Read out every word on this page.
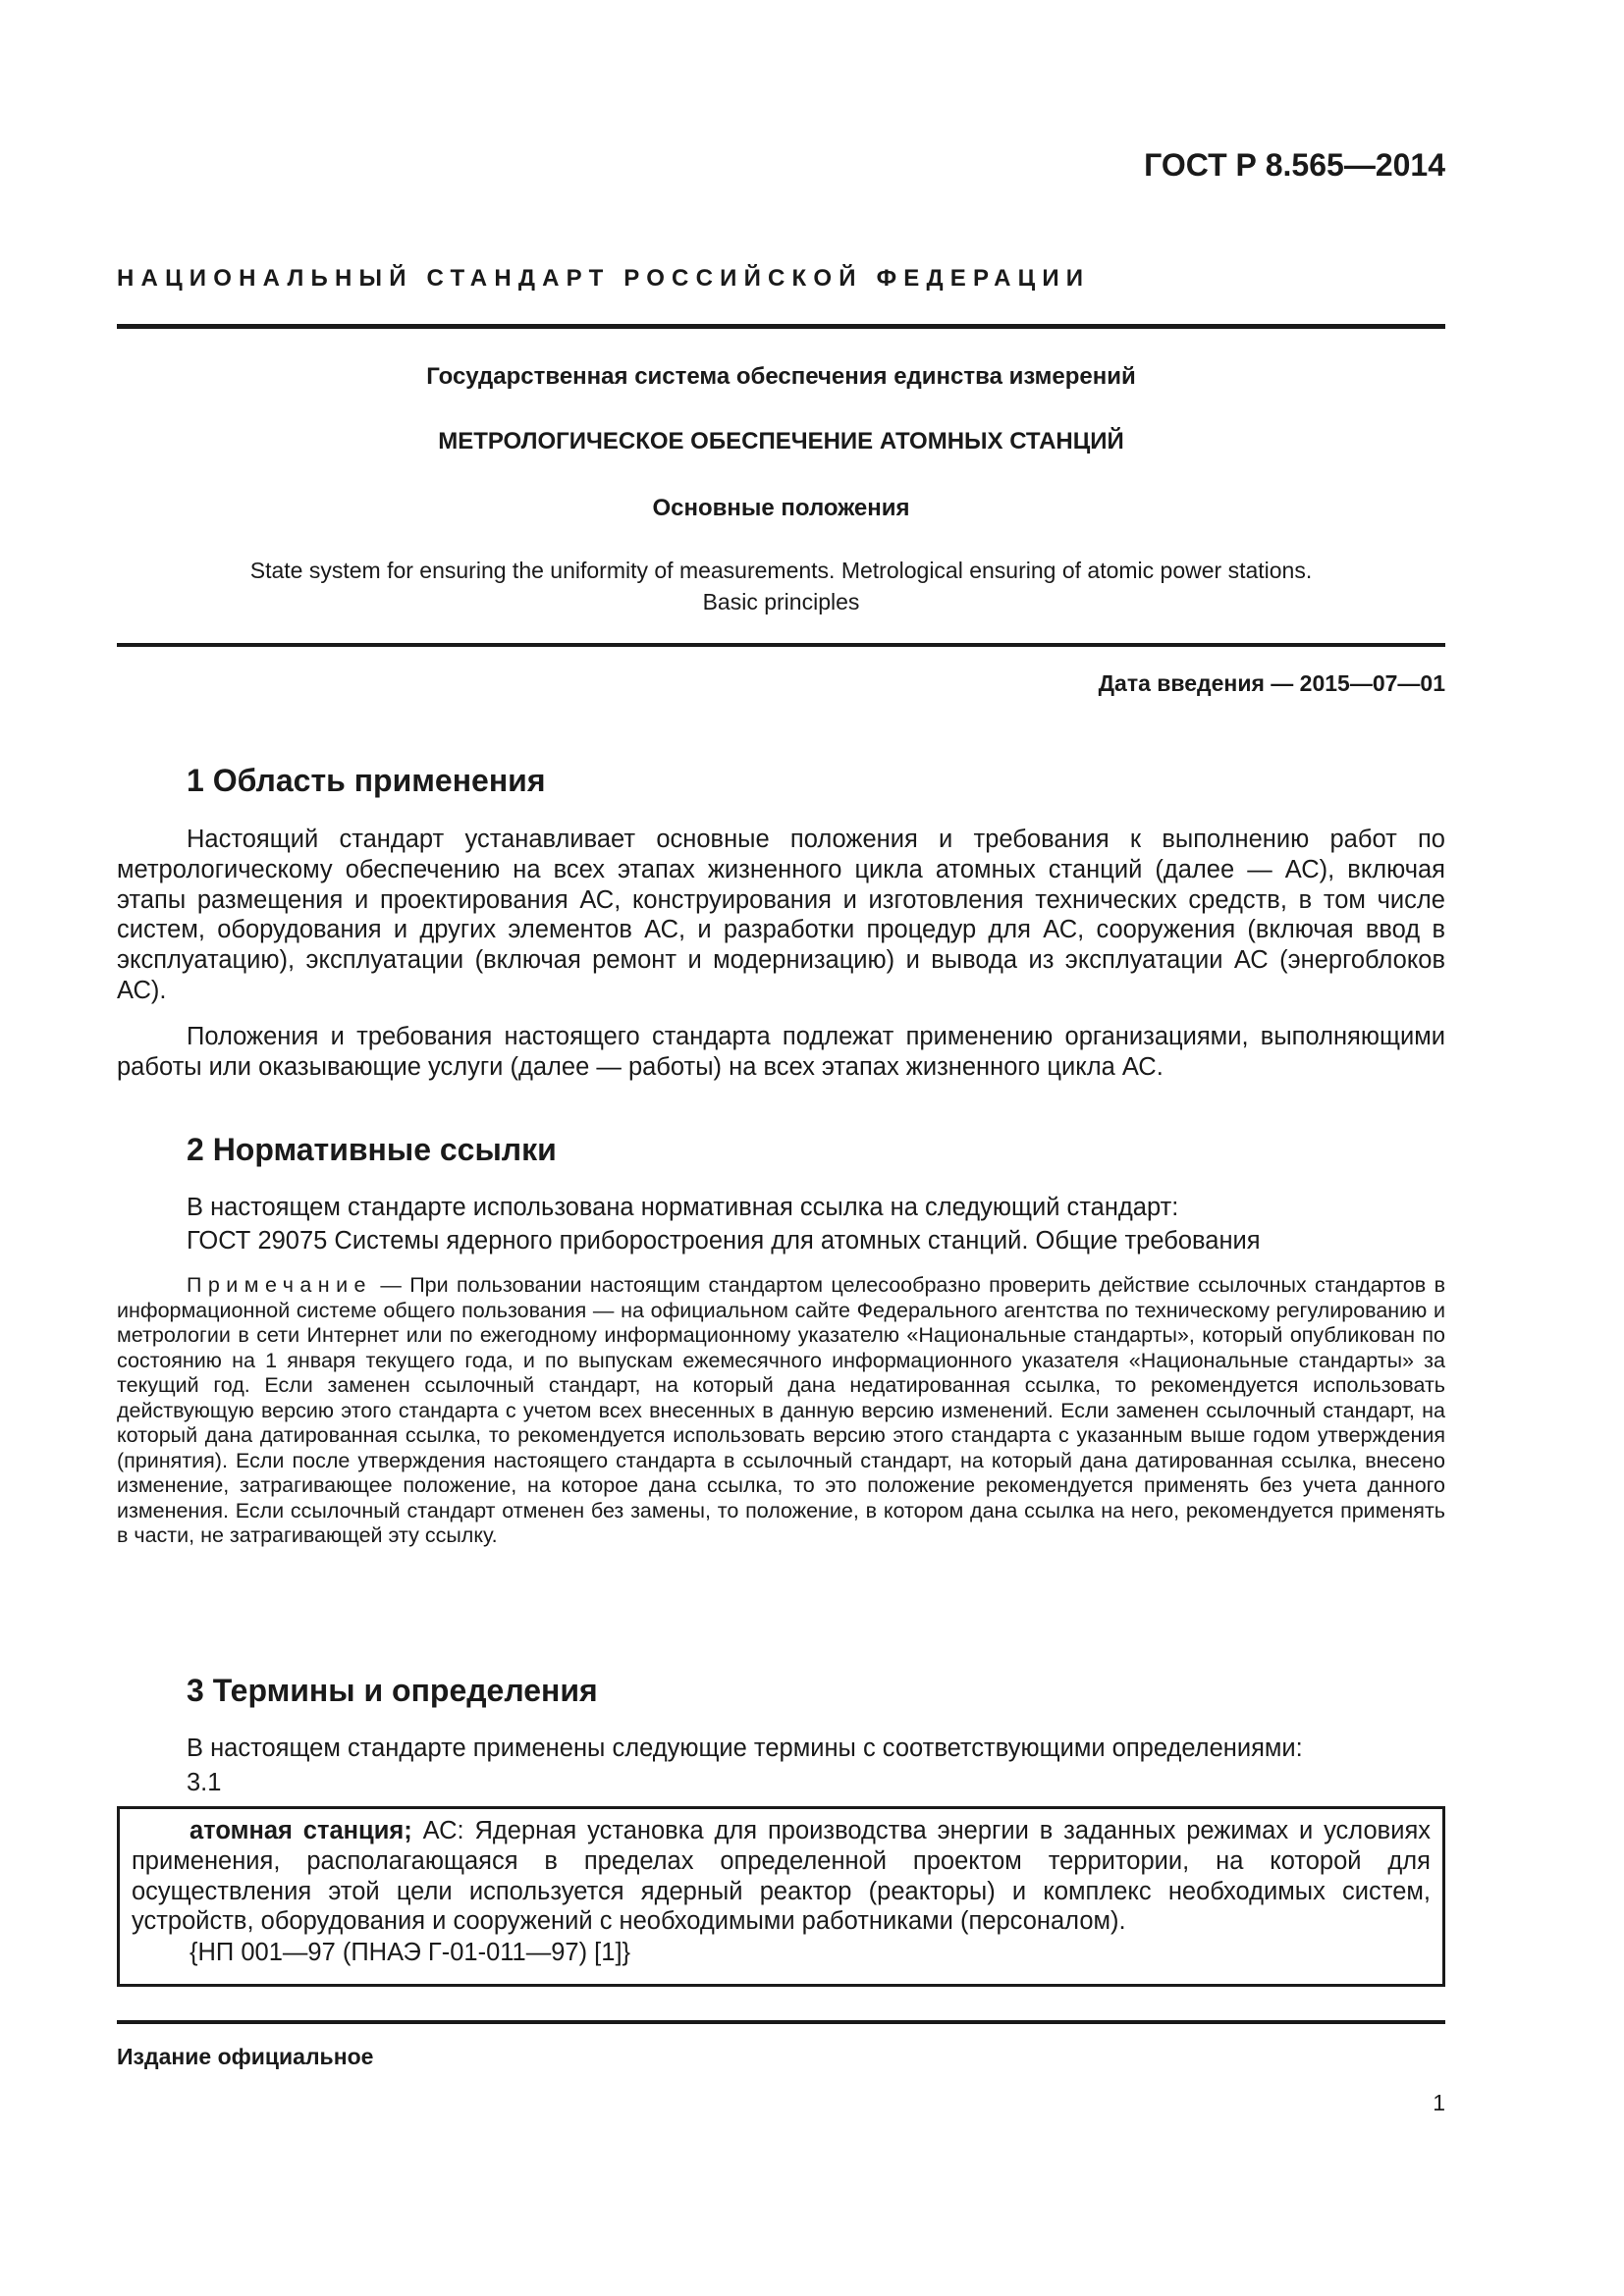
ГОСТ Р 8.565—2014
НАЦИОНАЛЬНЫЙ СТАНДАРТ РОССИЙСКОЙ ФЕДЕРАЦИИ
Государственная система обеспечения единства измерений
МЕТРОЛОГИЧЕСКОЕ ОБЕСПЕЧЕНИЕ АТОМНЫХ СТАНЦИЙ
Основные положения
State system for ensuring the uniformity of measurements. Metrological ensuring of atomic power stations.
Basic principles
Дата введения — 2015—07—01
1 Область применения

Настоящий стандарт устанавливает основные положения и требования к выполнению работ по метрологическому обеспечению на всех этапах жизненного цикла атомных станций (далее — АС), включая этапы размещения и проектирования АС, конструирования и изготовления технических средств, в том числе систем, оборудования и других элементов АС, и разработки процедур для АС, сооружения (включая ввод в эксплуатацию), эксплуатации (включая ремонт и модернизацию) и вывода из эксплуатации АС (энергоблоков АС).

Положения и требования настоящего стандарта подлежат применению организациями, выполняющими работы или оказывающие услуги (далее — работы) на всех этапах жизненного цикла АС.

2 Нормативные ссылки
В настоящем стандарте использована нормативная ссылка на следующий стандарт:
ГОСТ 29075 Системы ядерного приборостроения для атомных станций. Общие требования

Примечание — При пользовании настоящим стандартом целесообразно проверить действие ссылочных стандартов в информационной системе общего пользования — на официальном сайте Федерального агентства по техническому регулированию и метрологии в сети Интернет или по ежегодному информационному указателю «Национальные стандарты», который опубликован по состоянию на 1 января текущего года, и по выпускам ежемесячного информационного указателя «Национальные стандарты» за текущий год. Если заменен ссылочный стандарт, на который дана недатированная ссылка, то рекомендуется использовать действующую версию этого стандарта с учетом всех внесенных в данную версию изменений. Если заменен ссылочный стандарт, на который дана датированная ссылка, то рекомендуется использовать версию этого стандарта с указанным выше годом утверждения (принятия). Если после утверждения настоящего стандарта в ссылочный стандарт, на который дана датированная ссылка, внесено изменение, затрагивающее положение, на которое дана ссылка, то это положение рекомендуется применять без учета данного изменения. Если ссылочный стандарт отменен без замены, то положение, в котором дана ссылка на него, рекомендуется применять в части, не затрагивающей эту ссылку.

3 Термины и определения
В настоящем стандарте применены следующие термины с соответствующими определениями:
3.1

атомная станция; АС: Ядерная установка для производства энергии в заданных режимах и условиях применения, располагающаяся в пределах определенной проектом территории, на которой для осуществления этой цели используется ядерный реактор (реакторы) и комплекс необходимых систем, устройств, оборудования и сооружений с необходимыми работниками (персоналом).

{НП 001—97 (ПНАЭ Г-01-011—97) [1]}
Издание официальное
1
